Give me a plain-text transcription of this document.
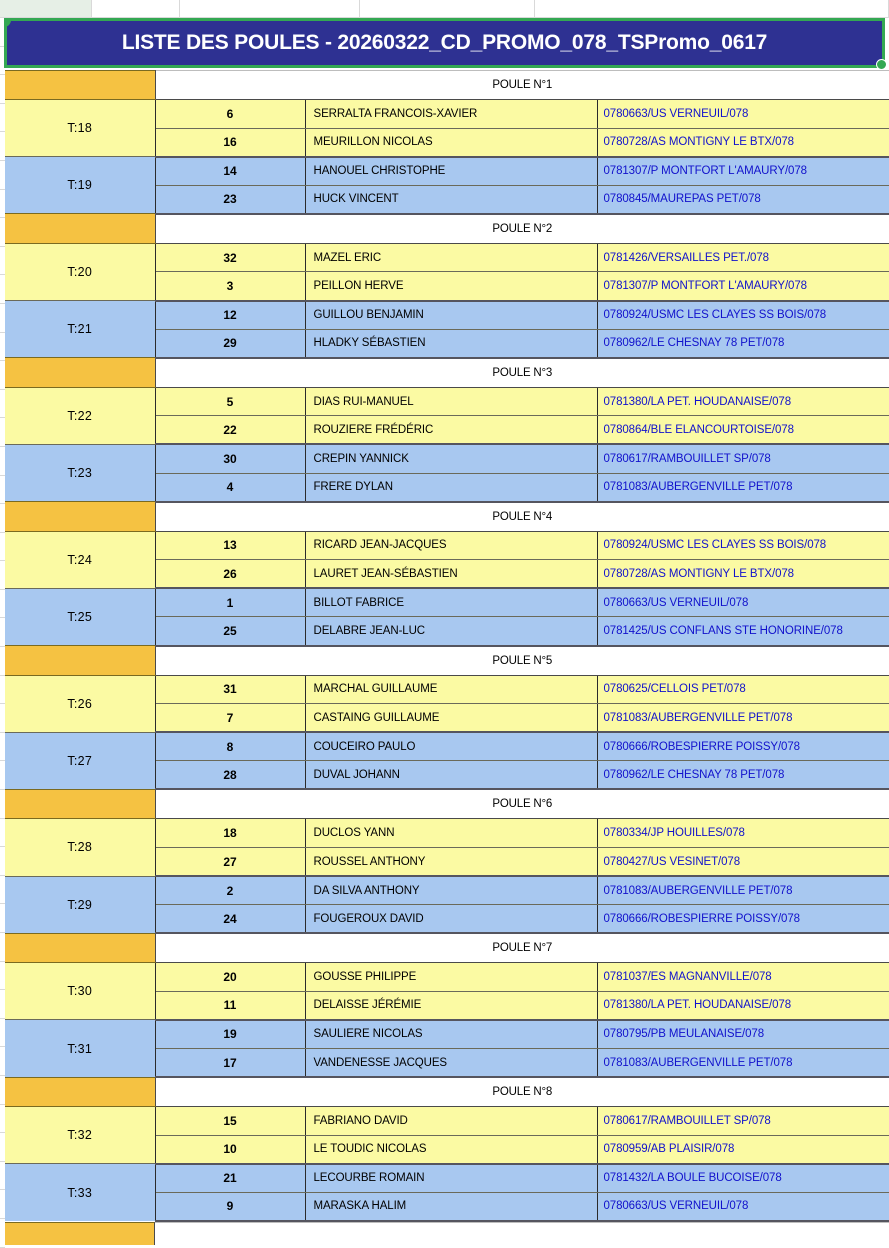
LISTE DES POULES - 20260322_CD_PROMO_078_TSPromo_0617
	POULE N°1		
T:18	6	SERRALTA FRANCOIS-XAVIER	0780663/US VERNEUIL/078
	16	MEURILLON NICOLAS	0780728/AS MONTIGNY LE BTX/078
T:19	14	HANOUEL CHRISTOPHE	0781307/P MONTFORT L'AMAURY/078
	23	HUCK VINCENT	0780845/MAUREPAS PET/078
	POULE N°2		
T:20	32	MAZEL ERIC	0781426/VERSAILLES PET./078
	3	PEILLON HERVE	0781307/P MONTFORT L'AMAURY/078
T:21	12	GUILLOU BENJAMIN	0780924/USMC LES CLAYES SS BOIS/078
	29	HLADKY SÉBASTIEN	0780962/LE CHESNAY 78 PET/078
	POULE N°3		
T:22	5	DIAS RUI-MANUEL	0781380/LA PET. HOUDANAISE/078
	22	ROUZIERE FRÉDÉRIC	0780864/BLE ELANCOURTOISE/078
T:23	30	CREPIN YANNICK	0780617/RAMBOUILLET SP/078
	4	FRERE DYLAN	0781083/AUBERGENVILLE PET/078
	POULE N°4		
T:24	13	RICARD JEAN-JACQUES	0780924/USMC LES CLAYES SS BOIS/078
	26	LAURET JEAN-SÉBASTIEN	0780728/AS MONTIGNY LE BTX/078
T:25	1	BILLOT FABRICE	0780663/US VERNEUIL/078
	25	DELABRE JEAN-LUC	0781425/US CONFLANS STE HONORINE/078
	POULE N°5		
T:26	31	MARCHAL GUILLAUME	0780625/CELLOIS PET/078
	7	CASTAING GUILLAUME	0781083/AUBERGENVILLE PET/078
T:27	8	COUCEIRO PAULO	0780666/ROBESPIERRE POISSY/078
	28	DUVAL JOHANN	0780962/LE CHESNAY 78 PET/078
	POULE N°6		
T:28	18	DUCLOS YANN	0780334/JP HOUILLES/078
	27	ROUSSEL ANTHONY	0780427/US VESINET/078
T:29	2	DA SILVA ANTHONY	0781083/AUBERGENVILLE PET/078
	24	FOUGEROUX DAVID	0780666/ROBESPIERRE POISSY/078
	POULE N°7		
T:30	20	GOUSSE PHILIPPE	0781037/ES MAGNANVILLE/078
	11	DELAISSE JÉRÉMIE	0781380/LA PET. HOUDANAISE/078
T:31	19	SAULIERE NICOLAS	0780795/PB MEULANAISE/078
	17	VANDENESSE JACQUES	0781083/AUBERGENVILLE PET/078
	POULE N°8		
T:32	15	FABRIANO DAVID	0780617/RAMBOUILLET SP/078
	10	LE TOUDIC NICOLAS	0780959/AB PLAISIR/078
T:33	21	LECOURBE ROMAIN	0781432/LA BOULE BUCOISE/078
	9	MARASKA HALIM	0780663/US VERNEUIL/078
